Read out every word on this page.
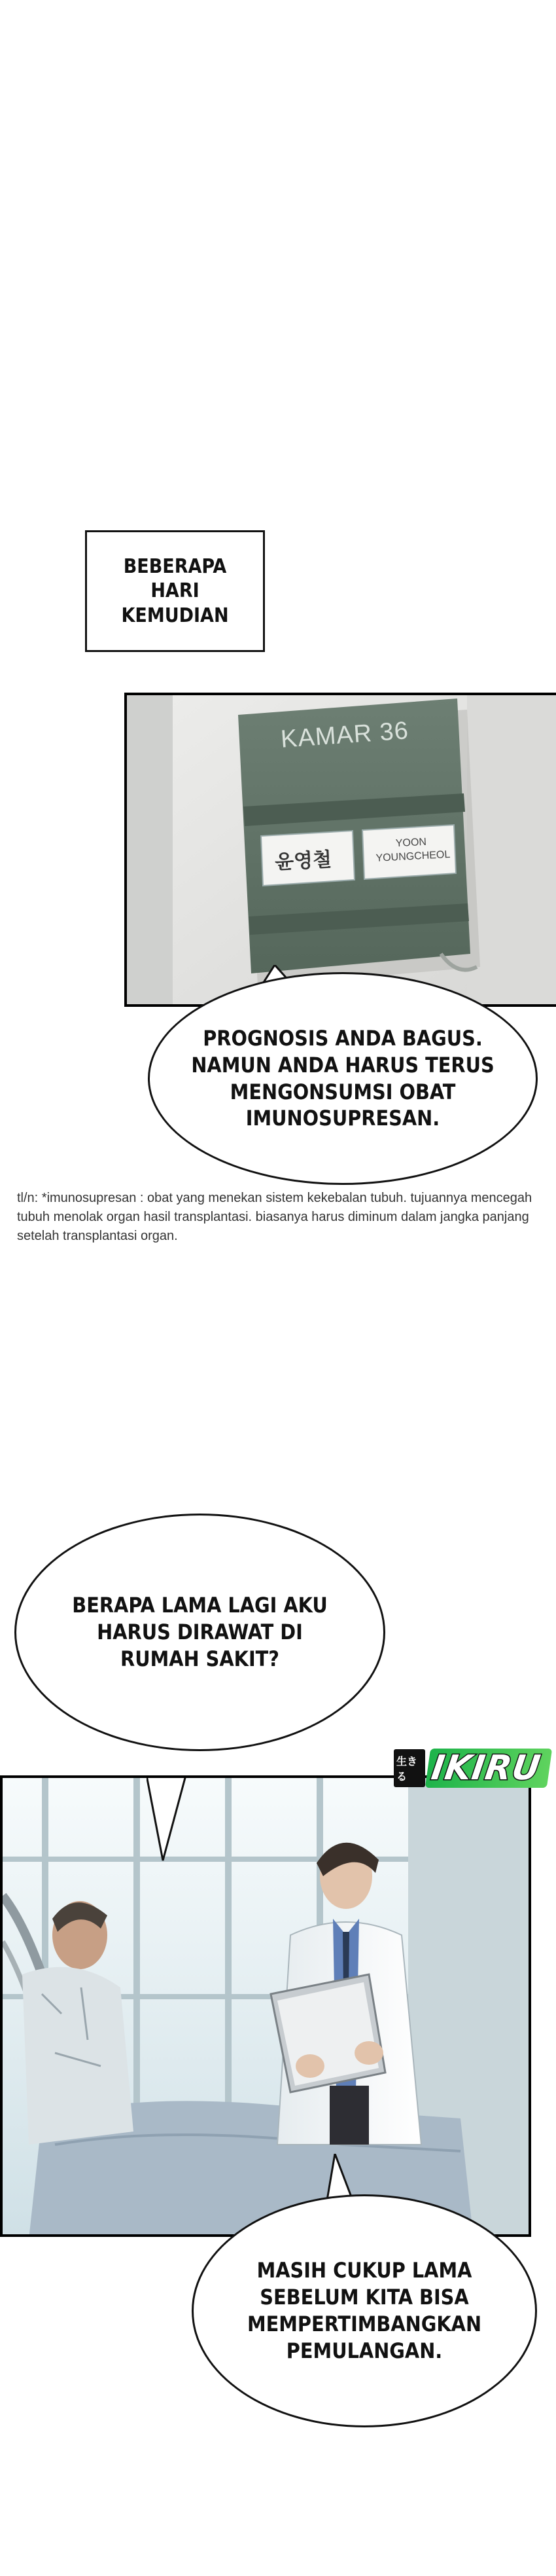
BEBERAPA HARI KEMUDIAN
KAMAR 36
윤영철
YOON YOUNGCHEOL
PROGNOSIS ANDA BAGUS. NAMUN ANDA HARUS TERUS MENGONSUMSI OBAT IMUNOSUPRESAN.
tl/n: *imunosupresan : obat yang menekan sistem kekebalan tubuh. tujuannya mencegah tubuh menolak organ hasil transplantasi. biasanya harus diminum dalam jangka panjang setelah transplantasi organ.
BERAPA LAMA LAGI AKU HARUS DIRAWAT DI RUMAH SAKIT?
生きる IKIRU
MASIH CUKUP LAMA SEBELUM KITA BISA MEMPERTIMBANGKAN PEMULANGAN.
